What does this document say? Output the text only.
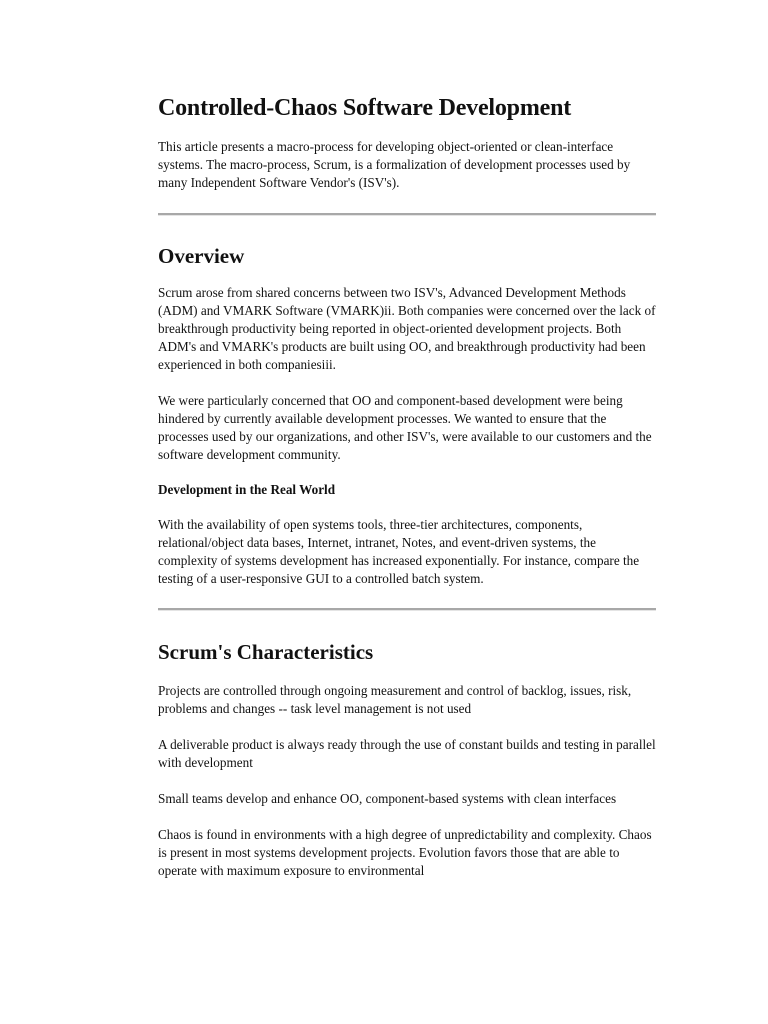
Controlled-Chaos Software Development

This article presents a macro-process for developing object-oriented or clean-interface systems. The macro-process, Scrum, is a formalization of development processes used by many Independent Software Vendor's (ISV's).

Overview

Scrum arose from shared concerns between two ISV's, Advanced Development Methods (ADM) and VMARK Software (VMARK)ii. Both companies were concerned over the lack of breakthrough productivity being reported in object-oriented development projects. Both ADM's and VMARK's products are built using OO, and breakthrough productivity had been experienced in both companiesiii.

We were particularly concerned that OO and component-based development were being hindered by currently available development processes. We wanted to ensure that the processes used by our organizations, and other ISV's, were available to our customers and the software development community.

Development in the Real World

With the availability of open systems tools, three-tier architectures, components, relational/object data bases, Internet, intranet, Notes, and event-driven systems, the complexity of systems development has increased exponentially. For instance, compare the testing of a user-responsive GUI to a controlled batch system.

Scrum's Characteristics

Projects are controlled through ongoing measurement and control of backlog, issues, risk, problems and changes -- task level management is not used

A deliverable product is always ready through the use of constant builds and testing in parallel with development

Small teams develop and enhance OO, component-based systems with clean interfaces

Chaos is found in environments with a high degree of unpredictability and complexity. Chaos is present in most systems development projects. Evolution favors those that are able to operate with maximum exposure to environmental
